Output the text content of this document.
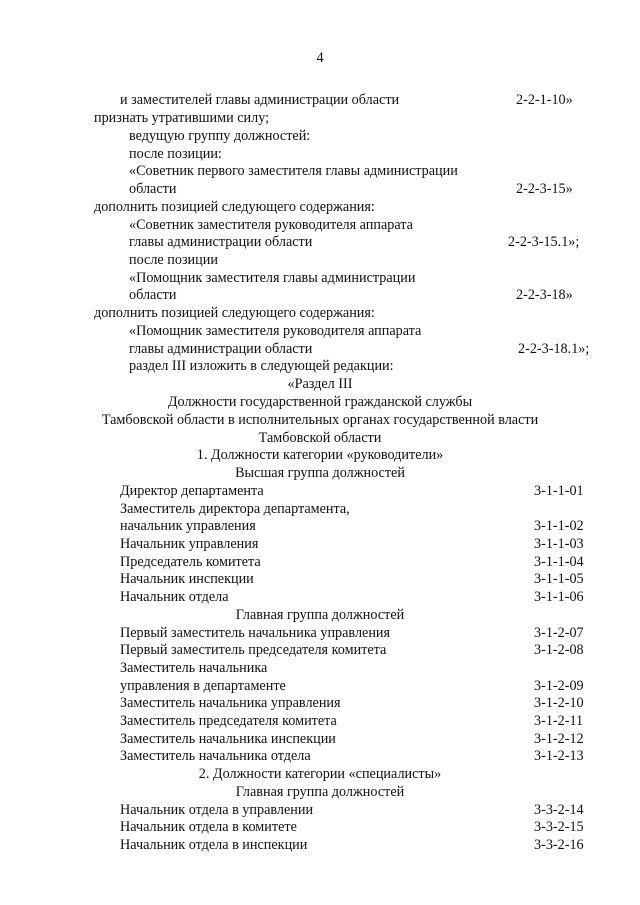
4
и заместителей главы администрации области	2-2-1-10»
признать утратившими силу;
ведущую группу должностей:
после позиции:
«Советник первого заместителя главы администрации
области	2-2-3-15»
дополнить позицией следующего содержания:
«Советник заместителя руководителя аппарата
главы администрации области	2-2-3-15.1»;
после позиции
«Помощник заместителя главы администрации
области	2-2-3-18»
дополнить позицией следующего содержания:
«Помощник заместителя руководителя аппарата
главы администрации области	2-2-3-18.1»;
раздел III изложить в следующей редакции:
«Раздел III
Должности государственной гражданской службы
Тамбовской области в исполнительных органах государственной власти
Тамбовской области
1. Должности категории «руководители»
Высшая группа должностей
Директор департамента	3-1-1-01
Заместитель директора департамента,
начальник управления	3-1-1-02
Начальник управления	3-1-1-03
Председатель комитета	3-1-1-04
Начальник инспекции	3-1-1-05
Начальник отдела	3-1-1-06
Главная группа должностей
Первый заместитель начальника управления	3-1-2-07
Первый заместитель председателя комитета	3-1-2-08
Заместитель начальника
управления в департаменте	3-1-2-09
Заместитель начальника управления	3-1-2-10
Заместитель председателя комитета	3-1-2-11
Заместитель начальника инспекции	3-1-2-12
Заместитель начальника отдела	3-1-2-13
2. Должности категории «специалисты»
Главная группа должностей
Начальник отдела в управлении	3-3-2-14
Начальник отдела в комитете	3-3-2-15
Начальник отдела в инспекции	3-3-2-16
